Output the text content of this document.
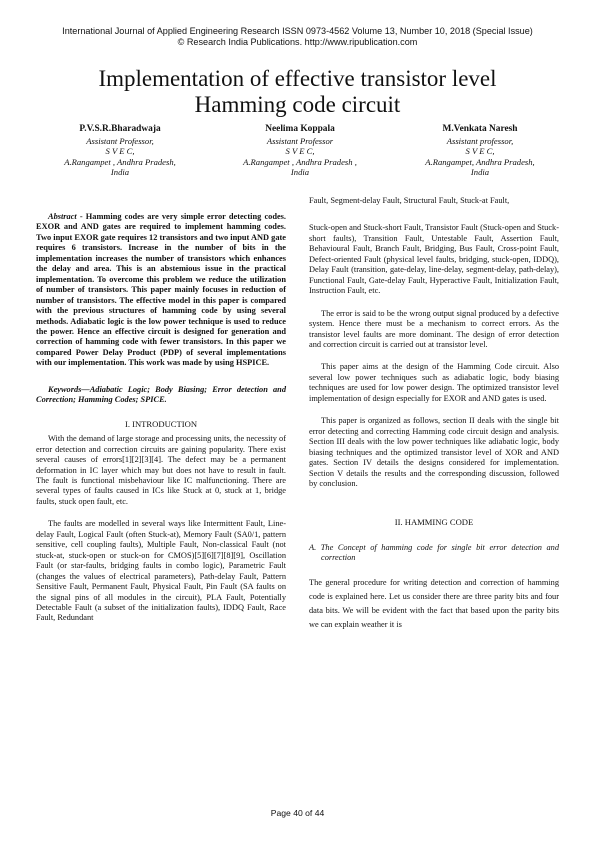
International Journal of Applied Engineering Research ISSN 0973-4562 Volume 13, Number 10, 2018 (Special Issue)
© Research India Publications. http://www.ripublication.com
Implementation of effective transistor level
Hamming code circuit
P.V.S.R.Bharadwaja
Assistant Professor,
S V E C,
A.Rangampet , Andhra Pradesh,
India
Neelima Koppala
Assistant Professor
S V E C,
A.Rangampet , Andhra Pradesh ,
India
M.Venkata Naresh
Assistant professor,
S V E C,
A.Rangampet, Andhra Pradesh,
India

Abstract - Hamming codes are very simple error detecting codes. EXOR and AND gates are required to implement hamming codes. Two input EXOR gate requires 12 transistors and two input AND gate requires 6 transistors. Increase in the number of bits in the implementation increases the number of transistors which enhances the delay and area. This is an abstemious issue in the practical implementation. To overcome this problem we reduce the utilization of number of transistors. This paper mainly focuses in reduction of number of transistors. The effective model in this paper is compared with the previous structures of hamming code by using several methods. Adiabatic logic is the low power technique is used to reduce the power. Hence an effective circuit is designed for generation and correction of hamming code with fewer transistors. In this paper we compared Power Delay Product (PDP) of several implementations with our implementation. This work was made by using HSPICE.

Keywords—Adiabatic Logic; Body Biasing; Error detection and Correction; Hamming Codes; SPICE.

I. INTRODUCTION

With the demand of large storage and processing units, the necessity of error detection and correction circuits are gaining popularity. There exist several causes of errors[1][2][3][4]. The defect may be a permanent deformation in IC layer which may but does not have to result in fault. The fault is functional misbehaviour like IC malfunctioning. There are several types of faults caused in ICs like Stuck at 0, stuck at 1, bridge faults, stuck open fault, etc.

The faults are modelled in several ways like Intermittent Fault, Line-delay Fault, Logical Fault (often Stuck-at), Memory Fault (SA0/1, pattern sensitive, cell coupling faults), Multiple Fault, Non-classical Fault (not stuck-at, stuck-open or stuck-on for CMOS)[5][6][7][8][9], Oscillation Fault (or star-faults, bridging faults in combo logic), Parametric Fault (changes the values of electrical parameters), Path-delay Fault, Pattern Sensitive Fault, Permanent Fault, Physical Fault, Pin Fault (SA faults on the signal pins of all modules in the circuit), PLA Fault, Potentially Detectable Fault (a subset of the initialization faults), IDDQ Fault, Race Fault, Redundant

Fault, Segment-delay Fault, Structural Fault, Stuck-at Fault,

Stuck-open and Stuck-short Fault, Transistor Fault (Stuck-open and Stuck-short faults), Transition Fault, Untestable Fault, Assertion Fault, Behavioural Fault, Branch Fault, Bridging, Bus Fault, Cross-point Fault, Defect-oriented Fault (physical level faults, bridging, stuck-open, IDDQ), Delay Fault (transition, gate-delay, line-delay, segment-delay, path-delay), Functional Fault, Gate-delay Fault, Hyperactive Fault, Initialization Fault, Instruction Fault, etc.

The error is said to be the wrong output signal produced by a defective system. Hence there must be a mechanism to correct errors. As the transistor level faults are more dominant. The design of error detection and correction circuit is carried out at transistor level.

This paper aims at the design of the Hamming Code circuit. Also several low power techniques such as adiabatic logic, body biasing techniques are used for low power design. The optimized transistor level implementation of design especially for EXOR and AND gates is used.

This paper is organized as follows, section II deals with the single bit error detecting and correcting Hamming code circuit design and analysis. Section III deals with the low power techniques like adiabatic logic, body biasing techniques and the optimized transistor level of XOR and AND gates. Section IV details the designs considered for implementation. Section V details the results and the corresponding discussion, followed by conclusion.

II. HAMMING CODE

A. The Concept of hamming code for single bit error detection and correction

The general procedure for writing detection and correction of hamming code is explained here. Let us consider there are three parity bits and four data bits. We will be evident with the fact that based upon the parity bits we can explain weather it is

Page 40 of 44
